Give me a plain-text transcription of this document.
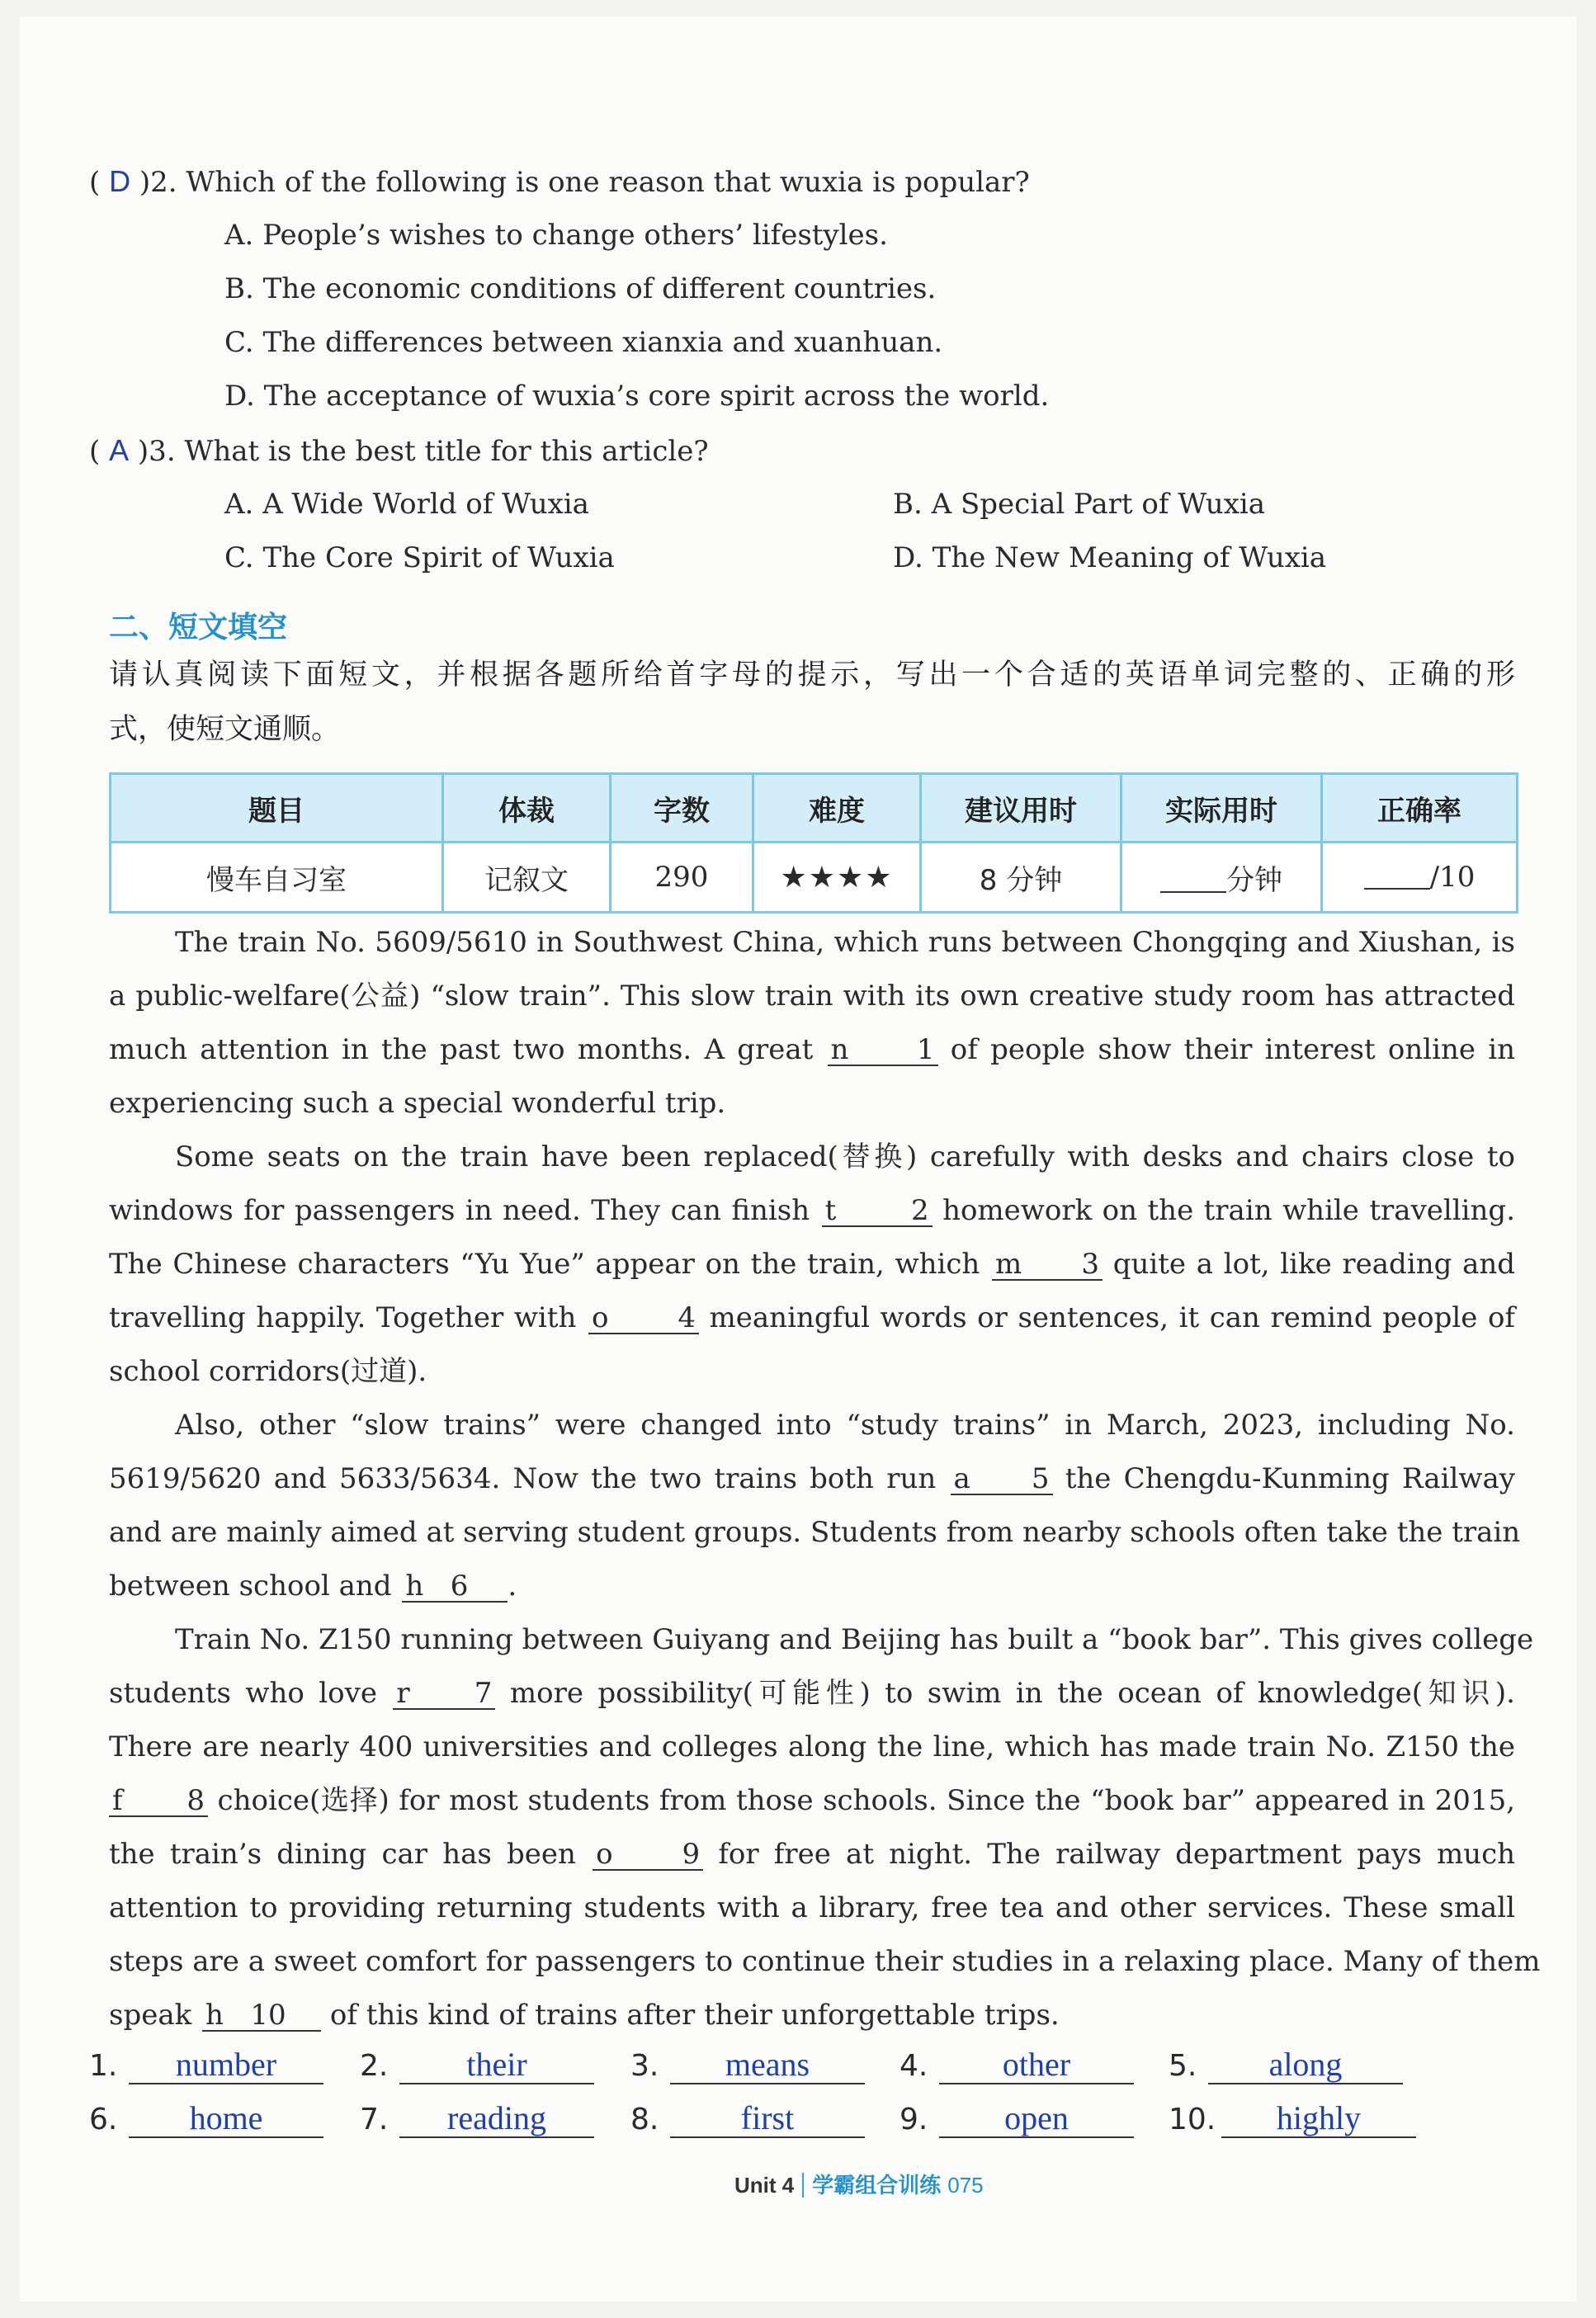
( D )2. Which of the following is one reason that wuxia is popular?
A. People’s wishes to change others’ lifestyles.
B. The economic conditions of different countries.
C. The differences between xianxia and xuanhuan.
D. The acceptance of wuxia’s core spirit across the world.
( A )3. What is the best title for this article?
A. A Wide World of Wuxia	B. A Special Part of Wuxia
C. The Core Spirit of Wuxia	D. The New Meaning of Wuxia
二、短文填空
请认真阅读下面短文，并根据各题所给首字母的提示，写出一个合适的英语单词完整的、正确的形
式，使短文通顺。
题目	体裁	字数	难度	建议用时	实际用时	正确率
慢车自习室	记叙文	290	★★★★	8 分钟	分钟	/10
The train No. 5609/5610 in Southwest China, which runs between Chongqing and Xiushan, is
a public-welfare(公益) “slow train”. This slow train with its own creative study room has attracted
much attention in the past two months. A great n 1 of people show their interest online in
experiencing such a special wonderful trip.
Some seats on the train have been replaced(替换) carefully with desks and chairs close to
windows for passengers in need. They can finish t	2 homework on the train while travelling.
The Chinese characters “Yu Yue” appear on the train, which m 3 quite a lot, like reading and
travelling happily. Together with o 4 meaningful words or sentences, it can remind people of
school corridors(过道).
Also, other “slow trains” were changed into “study trains” in March, 2023, including No.
5619/5620 and 5633/5634. Now the two trains both run a 5 the Chengdu-Kunming Railway
and are mainly aimed at serving student groups. Students from nearby schools often take the train
between school and h 6 .
Train No. Z150 running between Guiyang and Beijing has built a “book bar”. This gives college
students who love r 7 more possibility(可能性) to swim in the ocean of knowledge(知识).
There are nearly 400 universities and colleges along the line, which has made train No. Z150 the
f 8 choice(选择) for most students from those schools. Since the “book bar” appeared in 2015,
the train’s dining car has been o 9 for free at night. The railway department pays much
attention to providing returning students with a library, free tea and other services. These small
steps are a sweet comfort for passengers to continue their studies in a relaxing place. Many of them
speak h 10 of this kind of trains after their unforgettable trips.
1. number	2. their	3. means	4. other	5. along
6. home	7. reading	8. first	9. open	10. highly
Unit 4 学霸组合训练 075
